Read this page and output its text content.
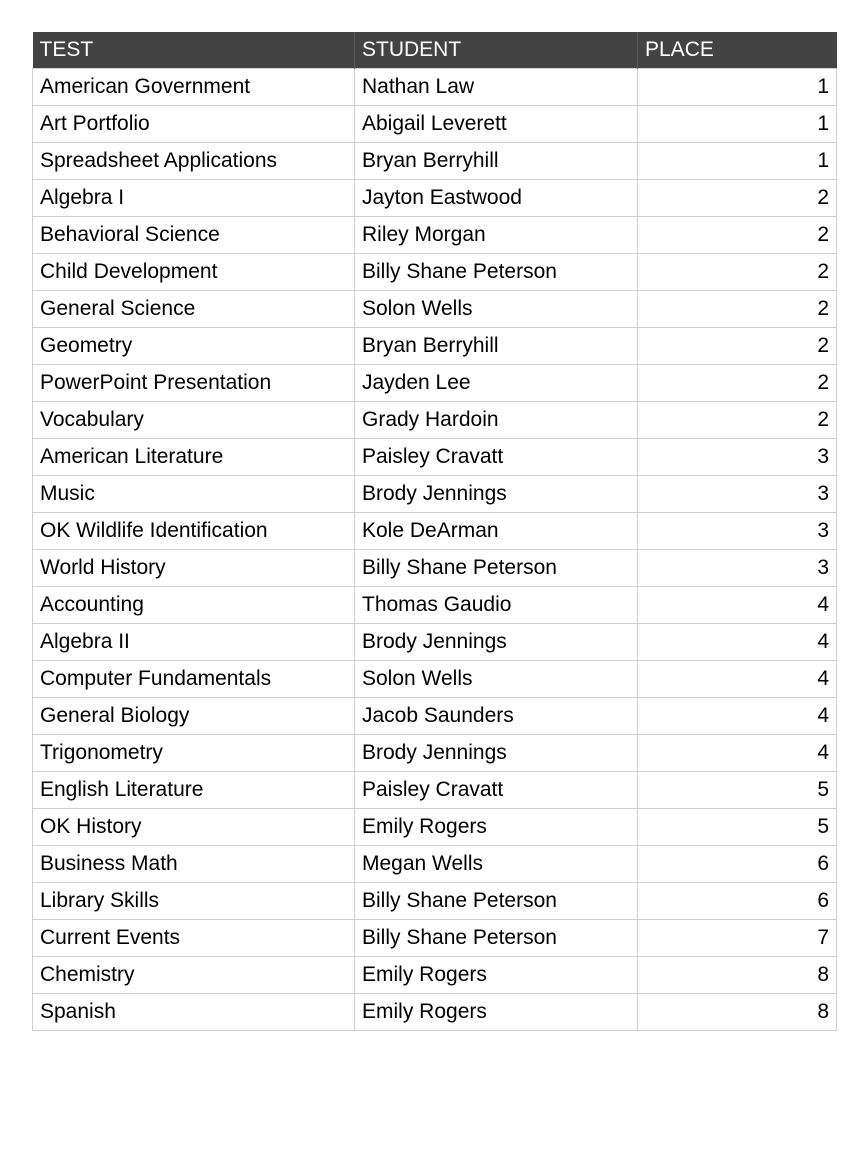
TEST	STUDENT	PLACE
American Government	Nathan Law	1
Art Portfolio	Abigail Leverett	1
Spreadsheet Applications	Bryan Berryhill	1
Algebra I	Jayton Eastwood	2
Behavioral Science	Riley Morgan	2
Child Development	Billy Shane Peterson	2
General Science	Solon Wells	2
Geometry	Bryan Berryhill	2
PowerPoint Presentation	Jayden Lee	2
Vocabulary	Grady Hardoin	2
American Literature	Paisley Cravatt	3
Music	Brody Jennings	3
OK Wildlife Identification	Kole DeArman	3
World History	Billy Shane Peterson	3
Accounting	Thomas Gaudio	4
Algebra II	Brody Jennings	4
Computer Fundamentals	Solon Wells	4
General Biology	Jacob Saunders	4
Trigonometry	Brody Jennings	4
English Literature	Paisley Cravatt	5
OK History	Emily Rogers	5
Business Math	Megan Wells	6
Library Skills	Billy Shane Peterson	6
Current Events	Billy Shane Peterson	7
Chemistry	Emily Rogers	8
Spanish	Emily Rogers	8
